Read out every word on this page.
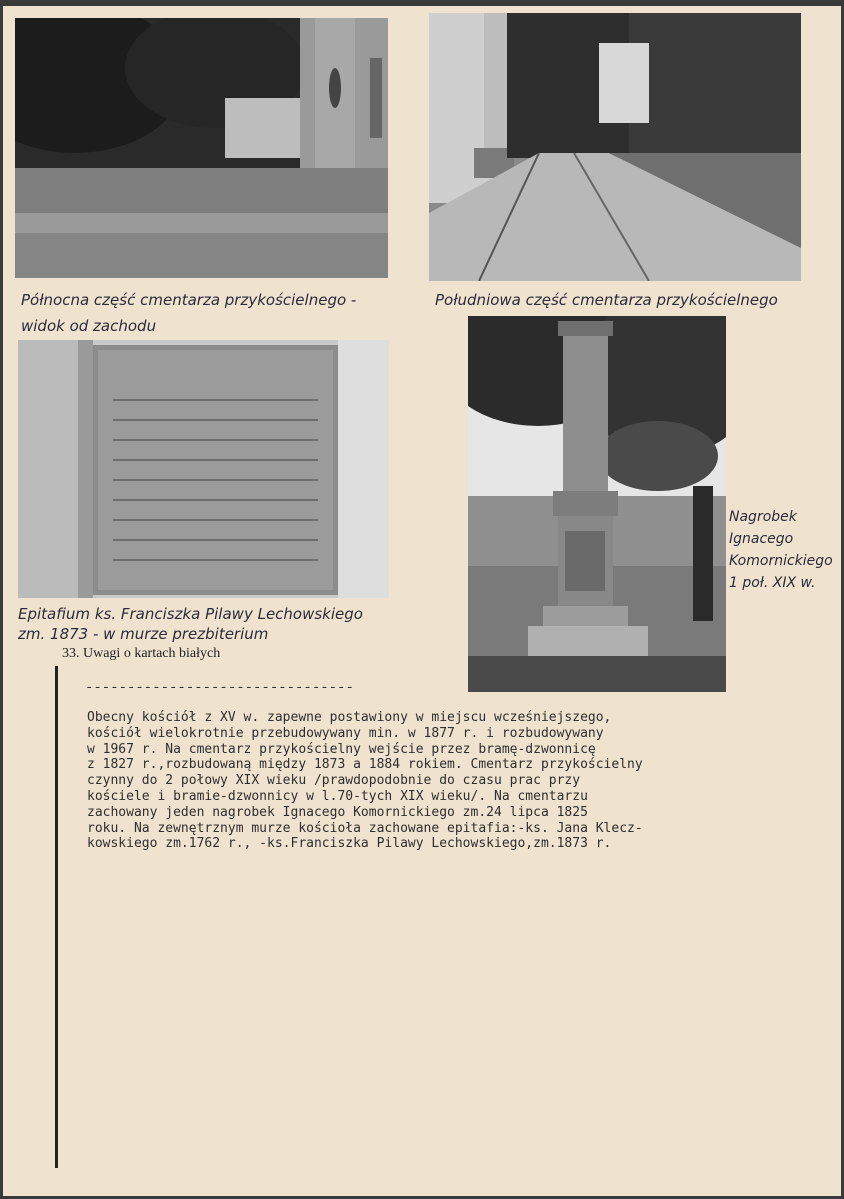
Północna część cmentarza przykościelnego -
widok od zachodu
Południowa część cmentarza przykościelnego
Nagrobek
Ignacego
Komornickiego
1 poł. XIX w.
Epitafium ks. Franciszka Pilawy Lechowskiego
zm. 1873 - w murze prezbiterium
33. Uwagi o kartach białych
--------------------------------
Obecny kościół z XV w. zapewne postawiony w miejscu wcześniejszego,
kościół wielokrotnie przebudowywany min. w 1877 r. i rozbudowywany
w 1967 r. Na cmentarz przykościelny wejście przez bramę-dzwonnicę
z 1827 r.,rozbudowaną między 1873 a 1884 rokiem. Cmentarz przykościelny
czynny do 2 połowy XIX wieku /prawdopodobnie do czasu prac przy
kościele i bramie-dzwonnicy w l.70-tych XIX wieku/. Na cmentarzu
zachowany jeden nagrobek Ignacego Komornickiego zm.24 lipca 1825
roku. Na zewnętrznym murze kościoła zachowane epitafia:-ks. Jana Klecz-
kowskiego zm.1762 r., -ks.Franciszka Pilawy Lechowskiego,zm.1873 r.
